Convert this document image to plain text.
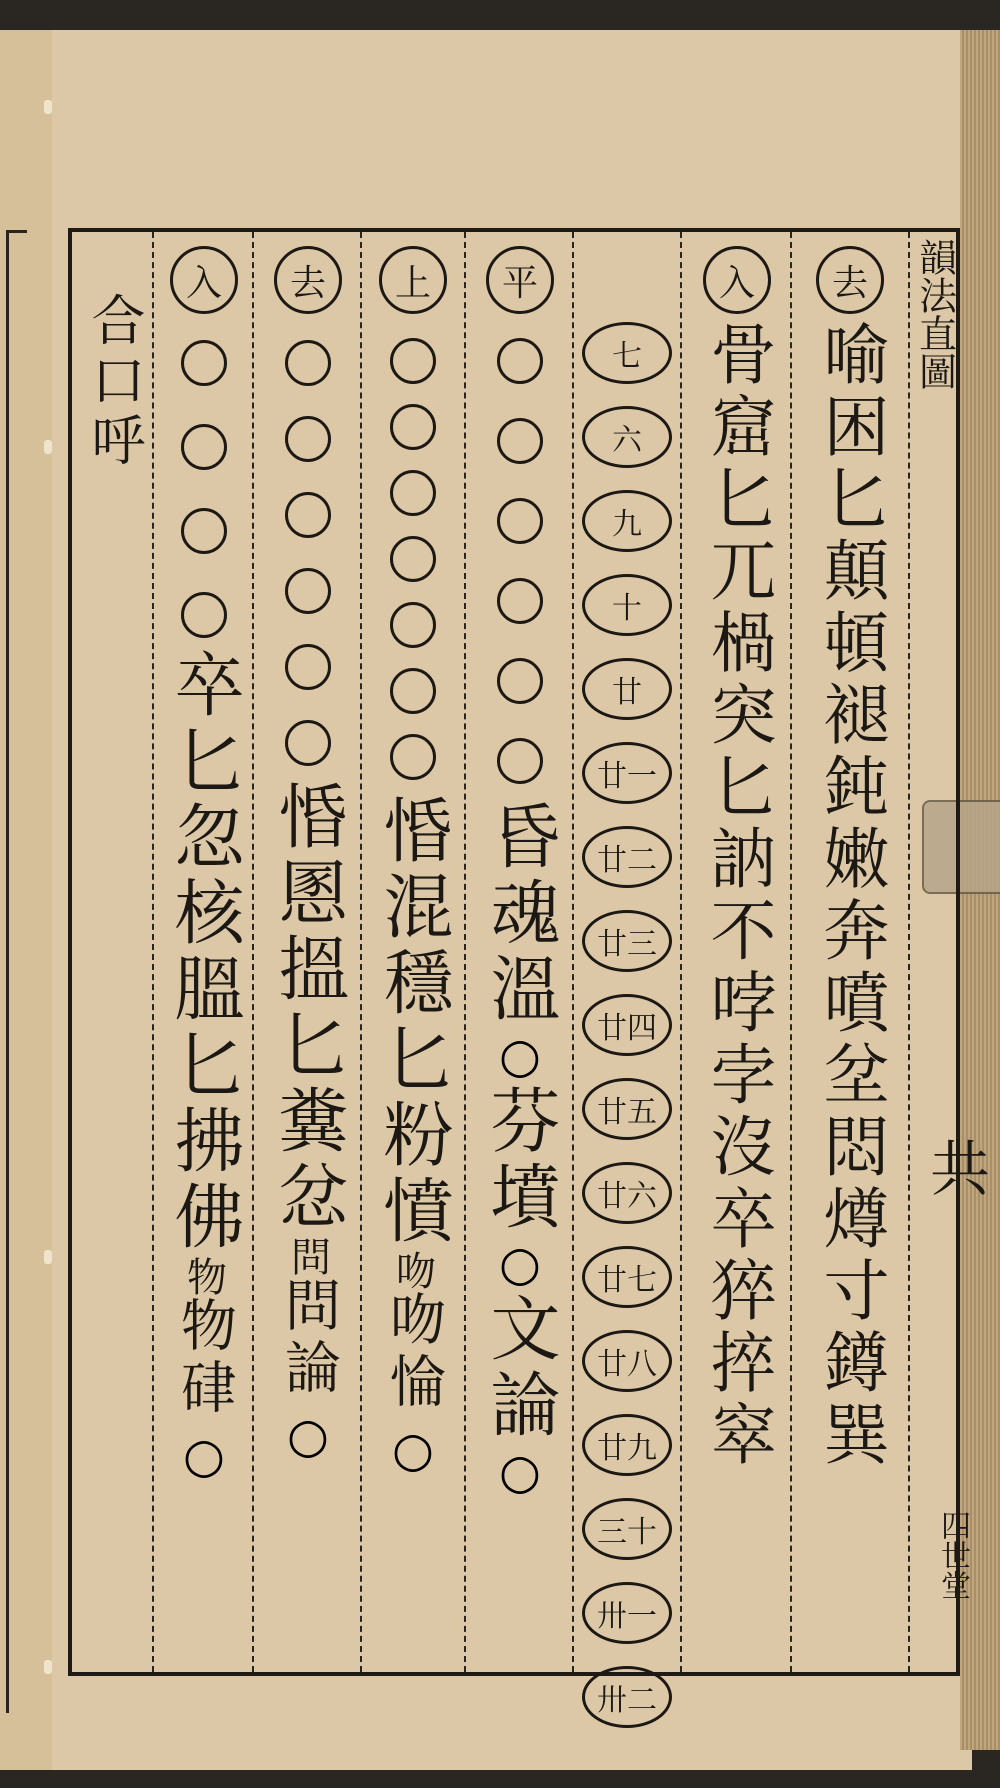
合口呼
入
卒匕忽核膃匕拂佛
物
物硉
○
去
惛慁搵匕糞忿
問
問論
○
上
惛混穩匕粉憤
吻
吻惀
○
平
昏魂溫
○
芬墳
○
文論
○
七
六
九
十
廿
廿一
廿二
廿三
廿四
廿五
廿六
廿七
廿八
廿九
三十
卅一
卅二
入
骨窟匕兀楇突匕訥不哱孛沒卒猝捽窣
去
喻困匕顛頓褪鈍嫩奔噴坌悶燇寸鐏巽
韻法直圖
共
四世堂
